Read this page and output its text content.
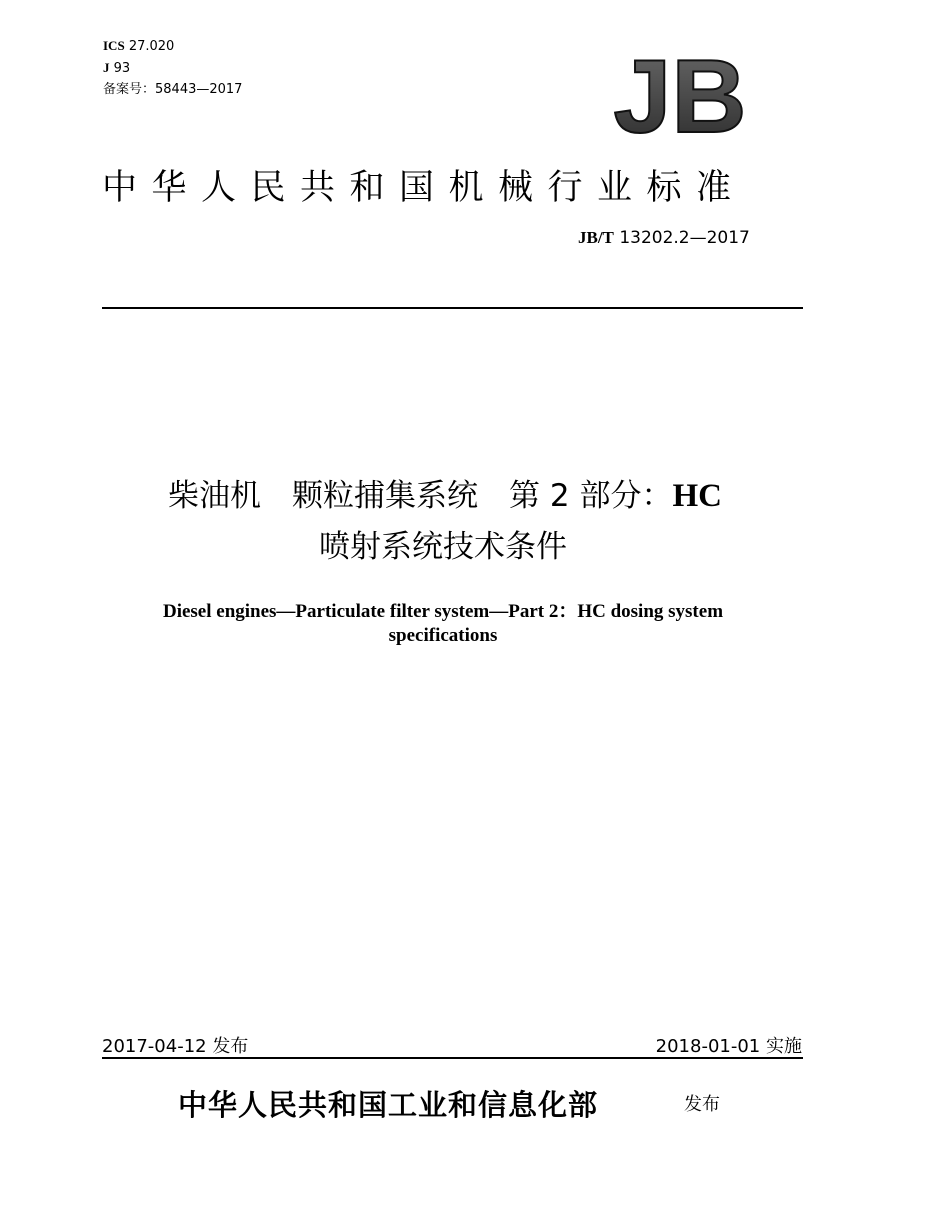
ICS 27.020
J 93
备案号：58443—2017	JB
中华人民共和国机械行业标准
JB/T 13202.2—2017
柴油机　颗粒捕集系统　第 2 部分：HC
喷射系统技术条件
Diesel engines—Particulate filter system—Part 2：HC dosing system
specifications
2017-04-12 发布	2018-01-01 实施
中华人民共和国工业和信息化部	发布
